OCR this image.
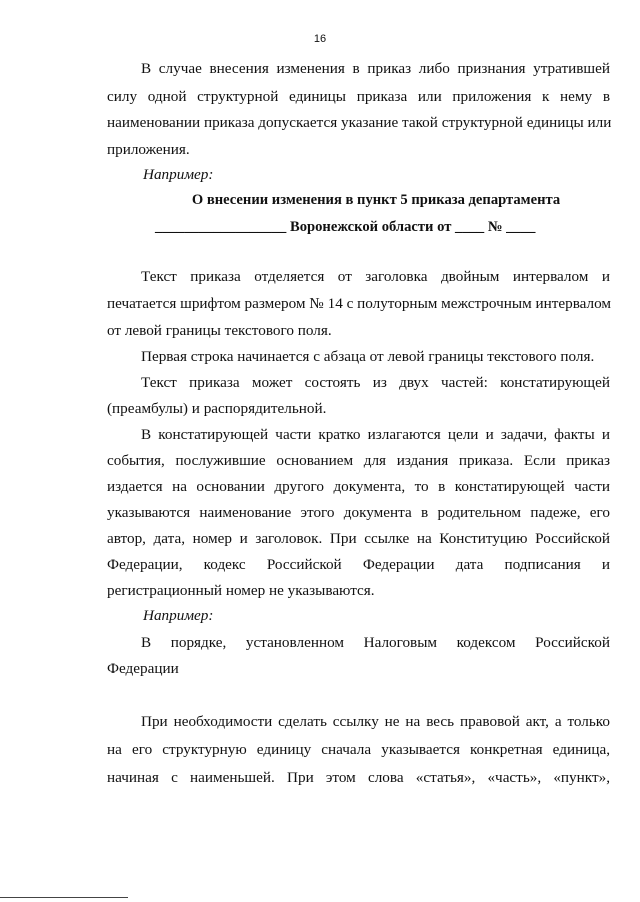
16
В случае внесения изменения в приказ либо признания утратившей
силу одной структурной единицы приказа или приложения к нему в
наименовании приказа допускается указание такой структурной единицы или
приложения.
Например:
О внесении изменения в пункт 5 приказа департамента
__________________ Воронежской области от ____ № ____
Текст приказа отделяется от заголовка двойным интервалом и
печатается шрифтом размером № 14 с полуторным межстрочным интервалом
от левой границы текстового поля.
Первая строка начинается с абзаца от левой границы текстового поля.
Текст приказа может состоять из двух частей: констатирующей
(преамбулы) и распорядительной.
В констатирующей части кратко излагаются цели и задачи, факты и
события, послужившие основанием для издания приказа. Если приказ
издается на основании другого документа, то в констатирующей части
указываются наименование этого документа в родительном падеже, его
автор, дата, номер и заголовок. При ссылке на Конституцию Российской
Федерации, кодекс Российской Федерации дата подписания и
регистрационный номер не указываются.
Например:
В порядке, установленном Налоговым кодексом Российской
Федерации
При необходимости сделать ссылку не на весь правовой акт, а только
на его структурную единицу сначала указывается конкретная единица,
начиная с наименьшей. При этом слова «статья», «часть», «пункт»,
